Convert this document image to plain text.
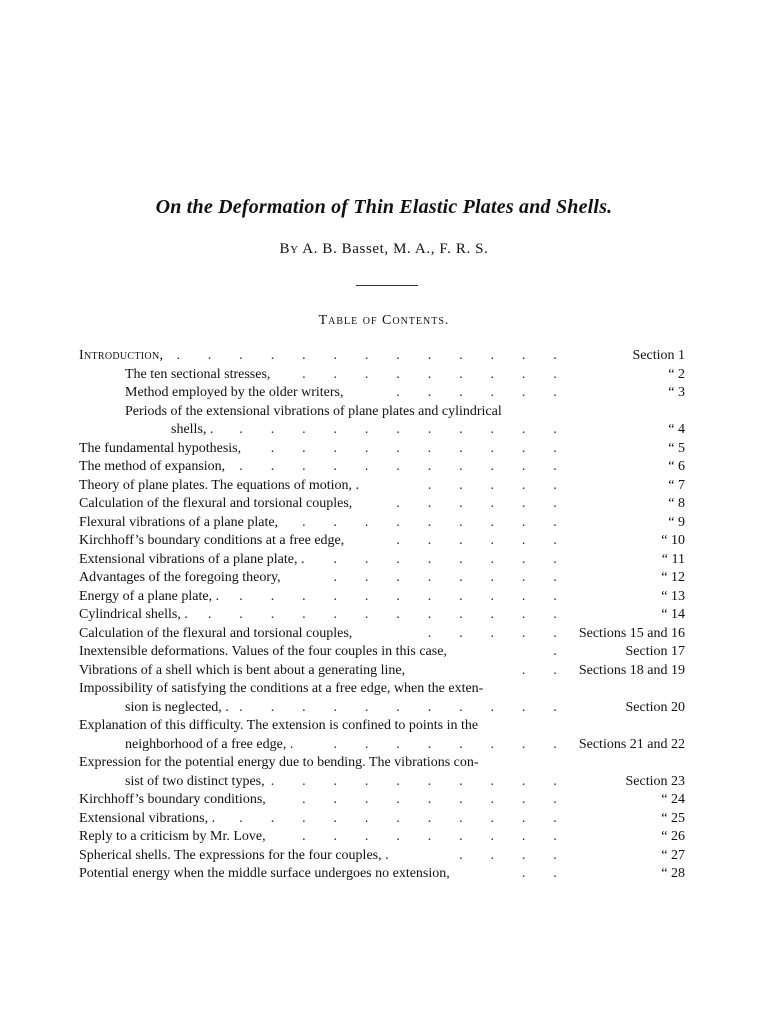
On the Deformation of Thin Elastic Plates and Shells.
By A. B. Basset, M. A., F. R. S.
Table of Contents.
Introduction, . . . . . . . . . . . . .	Section 1
The ten sectional stresses, . . . . . . . . .	“ 2
Method employed by the older writers,	. . . . . .	“ 3
Periods of the extensional vibrations of plane plates and cylindrical
shells, . . . . . . . . . . . .	“ 4
The fundamental hypothesis, . . . . . . . . . .	“ 5
The method of expansion, . . . . . . . . . . .	“ 6
Theory of plane plates. The equations of motion, .	. . . . .	“ 7
Calculation of the flexural and torsional couples,	. . . . . .	“ 8
Flexural vibrations of a plane plate, . . . . . . . . .	“ 9
Kirchhoff’s boundary conditions at a free edge,	. . . . . .	“ 10
Extensional vibrations of a plane plate, . . . . . . . . .	“ 11
Advantages of the foregoing theory,	. . . . . . . .	“ 12
Energy of a plane plate, . . . . . . . . . . . .	“ 13
Cylindrical shells, . . . . . . . . . . . . .	“ 14
Calculation of the flexural and torsional couples,	. . . . . Sections 15 and 16
Inextensible deformations. Values of the four couples in this case,	.	Section 17
Vibrations of a shell which is bent about a generating line,	. . Sections 18 and 19
Impossibility of satisfying the conditions at a free edge, when the exten-
sion is neglected, . . . . . . . . . . . .	Section 20
Explanation of this difficulty. The extension is confined to points in the
neighborhood of a free edge, .	. . . . . . . . Sections 21 and 22
Expression for the potential energy due to bending. The vibrations con-
sist of two distinct types, . . . . . . . . . .	Section 23
Kirchhoff’s boundary conditions,	. . . . . . . . .	“ 24
Extensional vibrations, . . . . . . . . . . . .	“ 25
Reply to a criticism by Mr. Love,	. . . . . . . . .	“ 26
Spherical shells. The expressions for the four couples, .	. . . .	“ 27
Potential energy when the middle surface undergoes no extension,	. .	“ 28
